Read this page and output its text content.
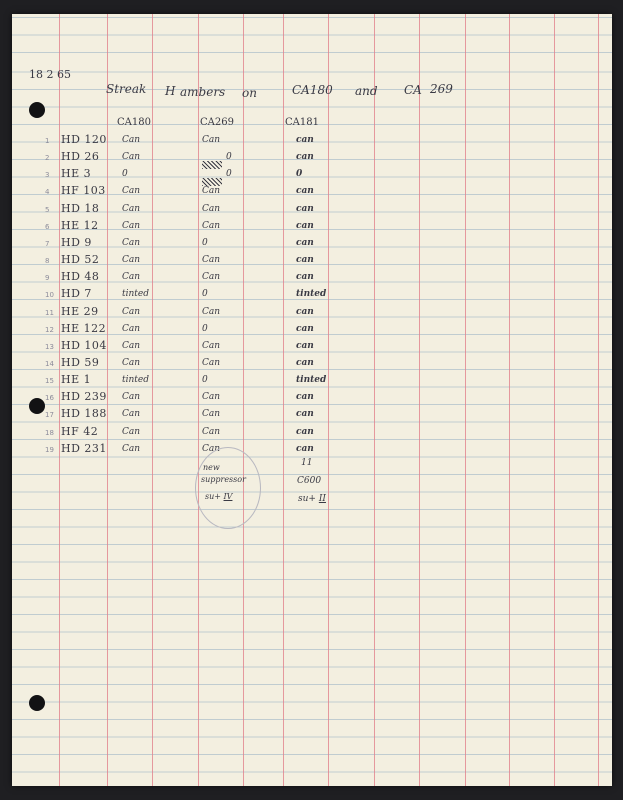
18 2 65
Streak H ambers on	CA180 and CA 269
CA180	CA269	CA181
1 HD 120 Can	Can	can
2 HD 26	Can	0	can
3 HE 3	0	0	0
4 HF 103 Can	Can	can
5 HD 18	Can	Can	can
6 HE 12	Can	Can	can
7 HD 9	Can	0	can
8 HD 52	Can	Can	can
9 HD 48	Can	Can	can
10 HD 7	tinted	0	tinted
11 HE 29	Can	Can	can
12 HE 122 Can	0	can
13 HD 104 Can	Can	can
14 HD 59	Can	Can	can
15 HE 1	tinted	0	tinted
16 HD 239 Can	Can	can
17 HD 188 Can	Can	can
18 HF 42	Can	Can	can
19 HD 231 Can	Can	can
new
suppressor
su+ IV
11
C600
su+ II
